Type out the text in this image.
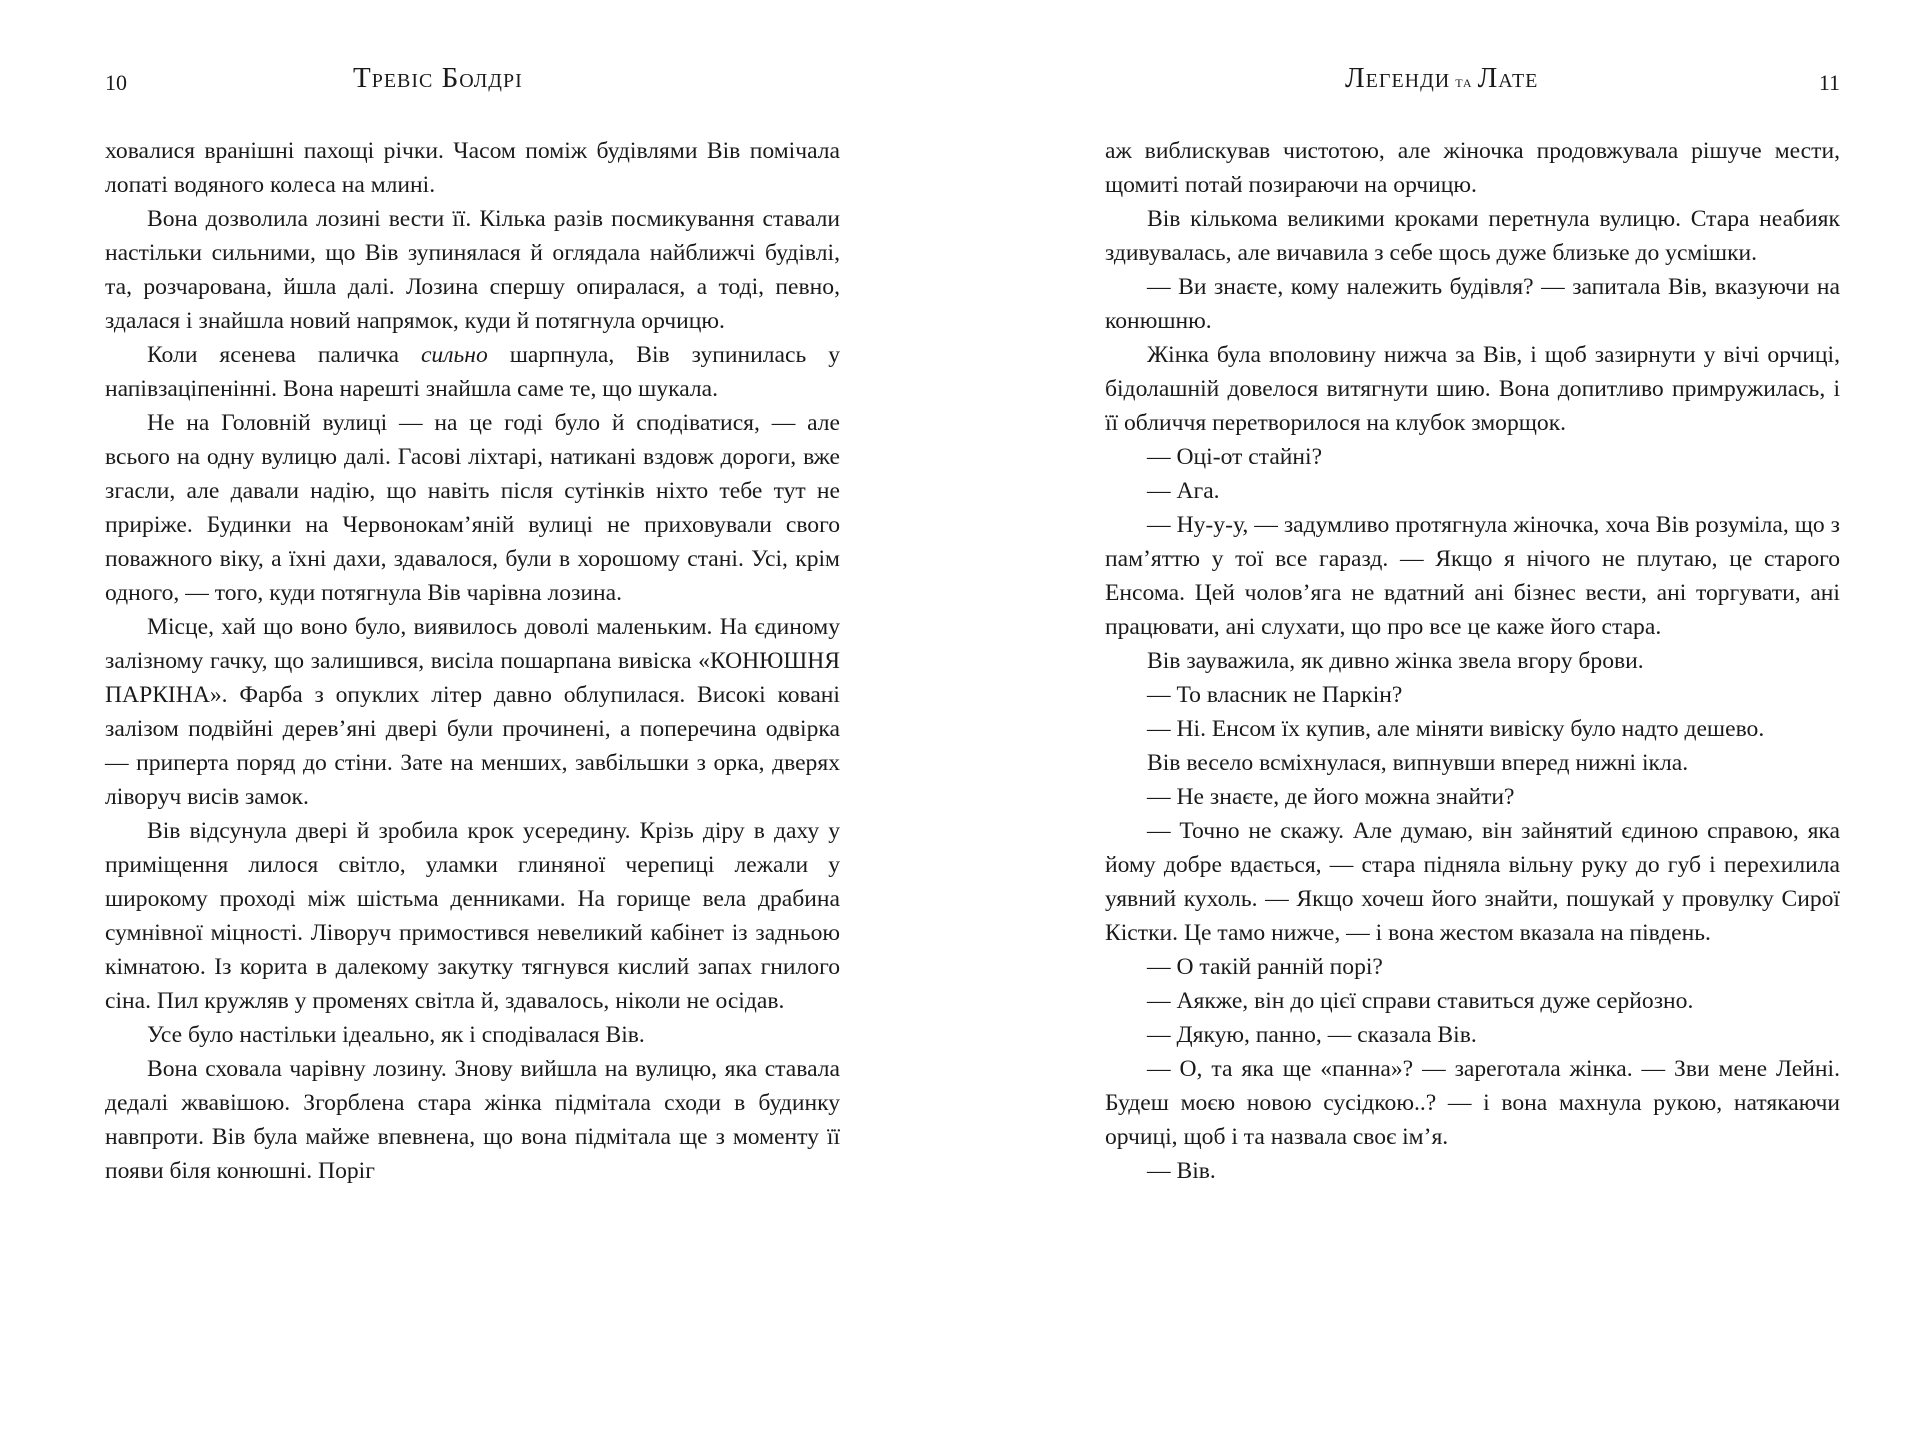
10	Тревіс Болдрі

ховалися вранішні пахощі річки. Часом поміж будівлями Вів помічала лопаті водяного колеса на млині.

Вона дозволила лозині вести її. Кілька разів посмикування ставали настільки сильними, що Вів зупинялася й оглядала найближчі будівлі, та, розчарована, йшла далі. Лозина спершу опиралася, а тоді, певно, здалася і знайшла новий напрямок, куди й потягнула орчицю.

Коли ясенева паличка сильно шарпнула, Вів зупинилась у напівзаціпенінні. Вона нарешті знайшла саме те, що шукала.

Не на Головній вулиці — на це годі було й сподіватися, — але всього на одну вулицю далі. Гасові ліхтарі, натикані вздовж дороги, вже згасли, але давали надію, що навіть після сутінків ніхто тебе тут не приріже. Будинки на Червонокам’яній вулиці не приховували свого поважного віку, а їхні дахи, здавалося, були в хорошому стані. Усі, крім одного, — того, куди потягнула Вів чарівна лозина.

Місце, хай що воно було, виявилось доволі маленьким. На єдиному залізному гачку, що залишився, висіла пошарпана вивіска «КОНЮШНЯ ПАРКІНА». Фарба з опуклих літер давно облупилася. Високі ковані залізом подвійні дерев’яні двері були прочинені, а поперечина одвірка — приперта поряд до стіни. Зате на менших, завбільшки з орка, дверях ліворуч висів замок.

Вів відсунула двері й зробила крок усередину. Крізь діру в даху у приміщення лилося світло, уламки глиняної черепиці лежали у широкому проході між шістьма денниками. На горище вела драбина сумнівної міцності. Ліворуч примостився невеликий кабінет із задньою кімнатою. Із корита в далекому закутку тягнувся кислий запах гнилого сіна. Пил кружляв у променях світла й, здавалось, ніколи не осідав.

Усе було настільки ідеально, як і сподівалася Вів.

Вона сховала чарівну лозину. Знову вийшла на вулицю, яка ставала дедалі жвавішою. Згорблена стара жінка підмітала сходи в будинку навпроти. Вів була майже впевнена, що вона підмітала ще з моменту її появи біля конюшні. Поріг

Легенди та Лате	11

аж виблискував чистотою, але жіночка продовжувала рішуче мести, щомиті потай позираючи на орчицю.

Вів кількома великими кроками перетнула вулицю. Стара неабияк здивувалась, але вичавила з себе щось дуже близьке до усмішки.

— Ви знаєте, кому належить будівля? — запитала Вів, вказуючи на конюшню.

Жінка була вполовину нижча за Вів, і щоб зазирнути у вічі орчиці, бідолашній довелося витягнути шию. Вона допитливо примружилась, і її обличчя перетворилося на клубок зморщок.

— Оці-от стайні?

— Ага.

— Ну-у-у, — задумливо протягнула жіночка, хоча Вів розуміла, що з пам’яттю у тої все гаразд. — Якщо я нічого не плутаю, це старого Енсома. Цей чолов’яга не вдатний ані бізнес вести, ані торгувати, ані працювати, ані слухати, що про все це каже його стара.

Вів зауважила, як дивно жінка звела вгору брови.

— То власник не Паркін?

— Ні. Енсом їх купив, але міняти вивіску було надто дешево.

Вів весело всміхнулася, випнувши вперед нижні ікла.

— Не знаєте, де його можна знайти?

— Точно не скажу. Але думаю, він зайнятий єдиною справою, яка йому добре вдається, — стара підняла вільну руку до губ і перехилила уявний кухоль. — Якщо хочеш його знайти, пошукай у провулку Сирої Кістки. Це тамо нижче, — і вона жестом вказала на південь.

— О такій ранній порі?

— Аякже, він до цієї справи ставиться дуже серйозно.

— Дякую, панно, — сказала Вів.

— О, та яка ще «панна»? — зареготала жінка. — Зви мене Лейні. Будеш моєю новою сусідкою..? — і вона махнула рукою, натякаючи орчиці, щоб і та назвала своє ім’я.

— Вів.
